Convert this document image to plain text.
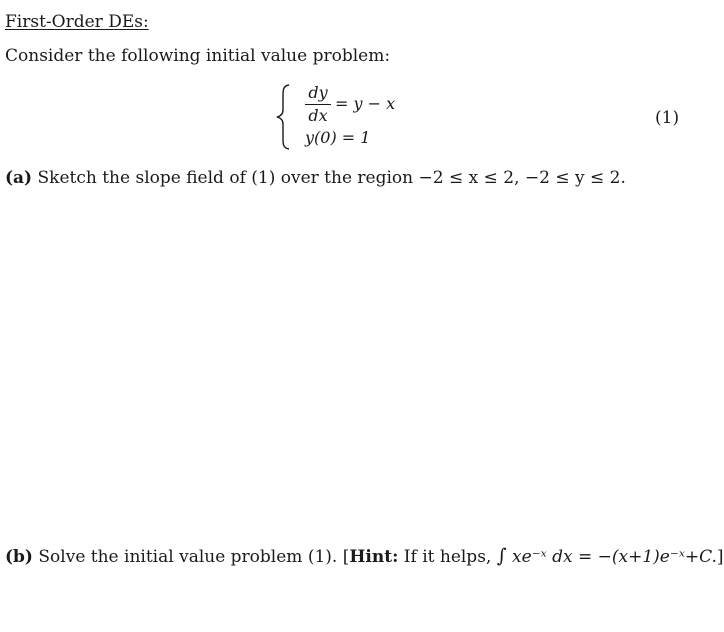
First-Order DEs:
Consider the following initial value problem:
dy
dx
= y − x
y(0) = 1
(1)
(a) Sketch the slope field of (1) over the region −2 ≤ x ≤ 2, −2 ≤ y ≤ 2.
(b) Solve the initial value problem (1). [Hint: If it helps, ∫ xe⁻ˣ dx = −(x+1)e⁻ˣ+C.]
